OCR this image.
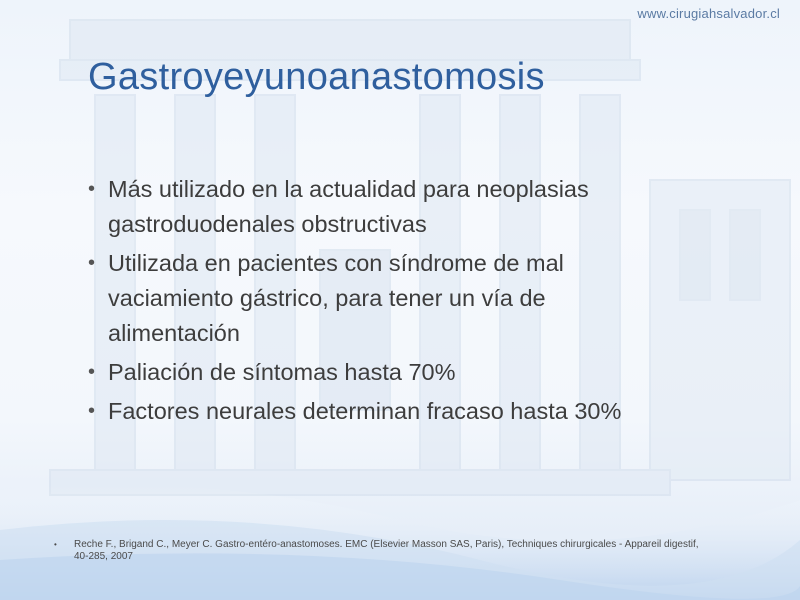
www.cirugiahsalvador.cl
Gastroyeyunoanastomosis
• Más utilizado en la actualidad para neoplasias
gastroduodenales obstructivas
• Utilizada en pacientes con síndrome de mal
vaciamiento gástrico, para tener un vía de
alimentación
• Paliación de síntomas hasta 70%
• Factores neurales determinan fracaso hasta 30%
• Reche F., Brigand C., Meyer C. Gastro-entéro-anastomoses. EMC (Elsevier Masson SAS, Paris), Techniques chirurgicales - Appareil digestif,
40-285, 2007
